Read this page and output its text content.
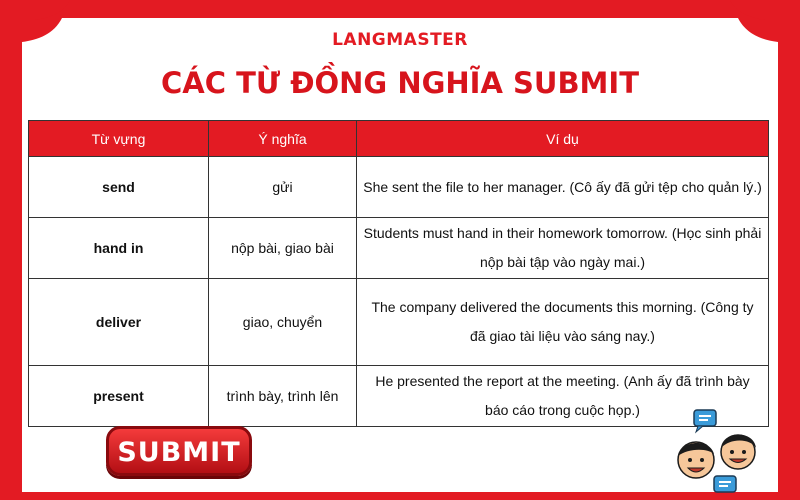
LANGMASTER
CÁC TỪ ĐỒNG NGHĨA SUBMIT
Từ vựng	Ý nghĩa	Ví dụ
send	gửi	She sent the file to her manager. (Cô ấy đã gửi tệp cho quản lý.)
hand in	nộp bài, giao bài	Students must hand in their homework tomorrow. (Học sinh phải nộp bài tập vào ngày mai.)
deliver	giao, chuyển	The company delivered the documents this morning. (Công ty đã giao tài liệu vào sáng nay.)
present	trình bày, trình lên	He presented the report at the meeting. (Anh ấy đã trình bày báo cáo trong cuộc họp.)
SUBMIT
